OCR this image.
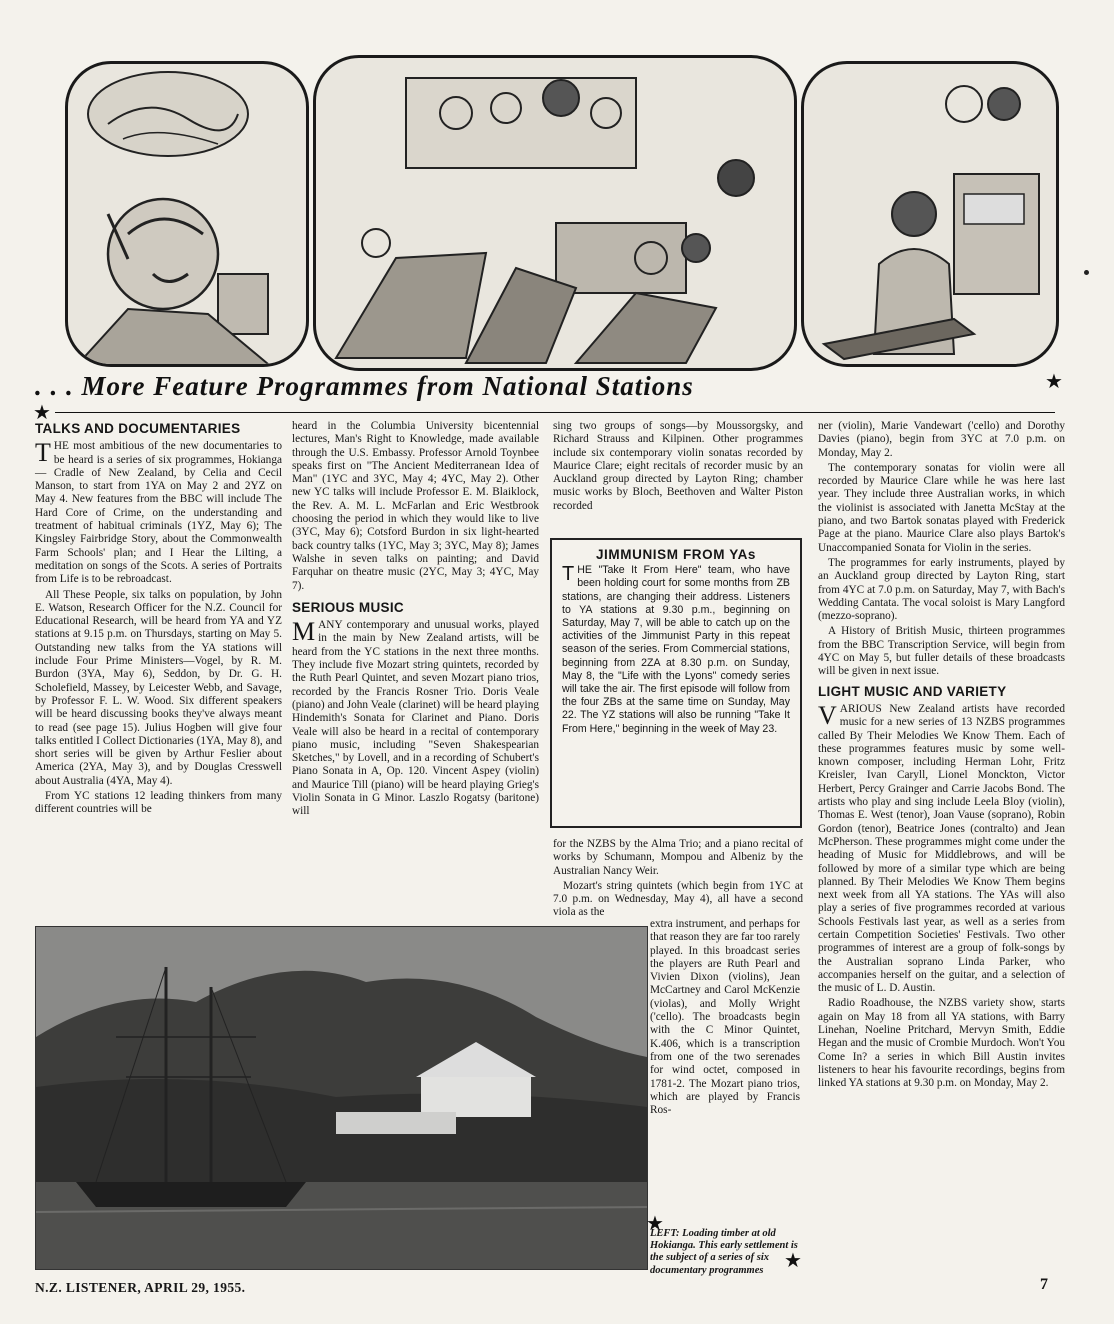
. . . More Feature Programmes from National Stations	★
★
TALKS AND DOCUMENTARIES

THE most ambitious of the new documentaries to be heard is a series of six programmes, Hokianga — Cradle of New Zealand, by Celia and Cecil Manson, to start from 1YA on May 2 and 2YZ on May 4. New features from the BBC will include The Hard Core of Crime, on the understanding and treatment of habitual criminals (1YZ, May 6); The Kingsley Fairbridge Story, about the Commonwealth Farm Schools' plan; and I Hear the Lilting, a meditation on songs of the Scots. A series of Portraits from Life is to be rebroadcast.

All These People, six talks on population, by John E. Watson, Research Officer for the N.Z. Council for Educational Research, will be heard from YA and YZ stations at 9.15 p.m. on Thursdays, starting on May 5. Outstanding new talks from the YA stations will include Four Prime Ministers—Vogel, by R. M. Burdon (3YA, May 6), Seddon, by Dr. G. H. Scholefield, Massey, by Leicester Webb, and Savage, by Professor F. L. W. Wood. Six different speakers will be heard discussing books they've always meant to read (see page 15). Julius Hogben will give four talks entitled I Collect Dictionaries (1YA, May 8), and short series will be given by Arthur Feslier about America (2YA, May 3), and by Douglas Cresswell about Australia (4YA, May 4).

From YC stations 12 leading thinkers from many different countries will be

heard in the Columbia University bicentennial lectures, Man's Right to Knowledge, made available through the U.S. Embassy. Professor Arnold Toynbee speaks first on "The Ancient Mediterranean Idea of Man" (1YC and 3YC, May 4; 4YC, May 2). Other new YC talks will include Professor E. M. Blaiklock, the Rev. A. M. L. McFarlan and Eric Westbrook choosing the period in which they would like to live (3YC, May 6); Cotsford Burdon in six light-hearted back country talks (1YC, May 3; 3YC, May 8); James Walshe in seven talks on painting; and David Farquhar on theatre music (2YC, May 3; 4YC, May 7).

SERIOUS MUSIC

MANY contemporary and unusual works, played in the main by New Zealand artists, will be heard from the YC stations in the next three months. They include five Mozart string quintets, recorded by the Ruth Pearl Quintet, and seven Mozart piano trios, recorded by the Francis Rosner Trio. Doris Veale (piano) and John Veale (clarinet) will be heard playing Hindemith's Sonata for Clarinet and Piano. Doris Veale will also be heard in a recital of contemporary piano music, including "Seven Shakespearian Sketches," by Lovell, and in a recording of Schubert's Piano Sonata in A, Op. 120. Vincent Aspey (violin) and Maurice Till (piano) will be heard playing Grieg's Violin Sonata in G Minor. Laszlo Rogatsy (baritone) will

sing two groups of songs—by Moussorgsky, and Richard Strauss and Kilpinen. Other programmes include six contemporary violin sonatas recorded by Maurice Clare; eight recitals of recorder music by an Auckland group directed by Layton Ring; chamber music works by Bloch, Beethoven and Walter Piston recorded

JIMMUNISM FROM YAs

THE "Take It From Here" team, who have been holding court for some months from ZB stations, are changing their address. Listeners to YA stations at 9.30 p.m., beginning on Saturday, May 7, will be able to catch up on the activities of the Jimmunist Party in this repeat season of the series. From Commercial stations, beginning from 2ZA at 8.30 p.m. on Sunday, May 8, the "Life with the Lyons" comedy series will take the air. The first episode will follow from the four ZBs at the same time on Sunday, May 22. The YZ stations will also be running "Take It From Here," beginning in the week of May 23.

for the NZBS by the Alma Trio; and a piano recital of works by Schumann, Mompou and Albeniz by the Australian Nancy Weir.

Mozart's string quintets (which begin from 1YC at 7.0 p.m. on Wednesday, May 4), all have a second viola as the

extra instrument, and perhaps for that reason they are far too rarely played. In this broadcast series the players are Ruth Pearl and Vivien Dixon (violins), Jean McCartney and Carol McKenzie (violas), and Molly Wright ('cello). The broadcasts begin with the C Minor Quintet, K.406, which is a transcription from one of the two serenades for wind octet, composed in 1781-2. The Mozart piano trios, which are played by Francis Ros-

★
LEFT: Loading timber at old Hokianga. This early settlement is the subject of a series of six documentary programmes	★

ner (violin), Marie Vandewart ('cello) and Dorothy Davies (piano), begin from 3YC at 7.0 p.m. on Monday, May 2.

The contemporary sonatas for violin were all recorded by Maurice Clare while he was here last year. They include three Australian works, in which the violinist is associated with Janetta McStay at the piano, and two Bartok sonatas played with Frederick Page at the piano. Maurice Clare also plays Bartok's Unaccompanied Sonata for Violin in the series.

The programmes for early instruments, played by an Auckland group directed by Layton Ring, start from 4YC at 7.0 p.m. on Saturday, May 7, with Bach's Wedding Cantata. The vocal soloist is Mary Langford (mezzo-soprano).

A History of British Music, thirteen programmes from the BBC Transcription Service, will begin from 4YC on May 5, but fuller details of these broadcasts will be given in next issue.

LIGHT MUSIC AND VARIETY

VARIOUS New Zealand artists have recorded music for a new series of 13 NZBS programmes called By Their Melodies We Know Them. Each of these programmes features music by some well-known composer, including Herman Lohr, Fritz Kreisler, Ivan Caryll, Lionel Monckton, Victor Herbert, Percy Grainger and Carrie Jacobs Bond. The artists who play and sing include Leela Bloy (violin), Thomas E. West (tenor), Joan Vause (soprano), Robin Gordon (tenor), Beatrice Jones (contralto) and Jean McPherson. These programmes might come under the heading of Music for Middlebrows, and will be followed by more of a similar type which are being planned. By Their Melodies We Know Them begins next week from all YA stations. The YAs will also play a series of five programmes recorded at various Schools Festivals last year, as well as a series from certain Competition Societies' Festivals. Two other programmes of interest are a group of folk-songs by the Australian soprano Linda Parker, who accompanies herself on the guitar, and a selection of the music of L. D. Austin.

Radio Roadhouse, the NZBS variety show, starts again on May 18 from all YA stations, with Barry Linehan, Noeline Pritchard, Mervyn Smith, Eddie Hegan and the music of Crombie Murdoch. Won't You Come In? a series in which Bill Austin invites listeners to hear his favourite recordings, begins from linked YA stations at 9.30 p.m. on Monday, May 2.

N.Z. LISTENER, APRIL 29, 1955.	7
